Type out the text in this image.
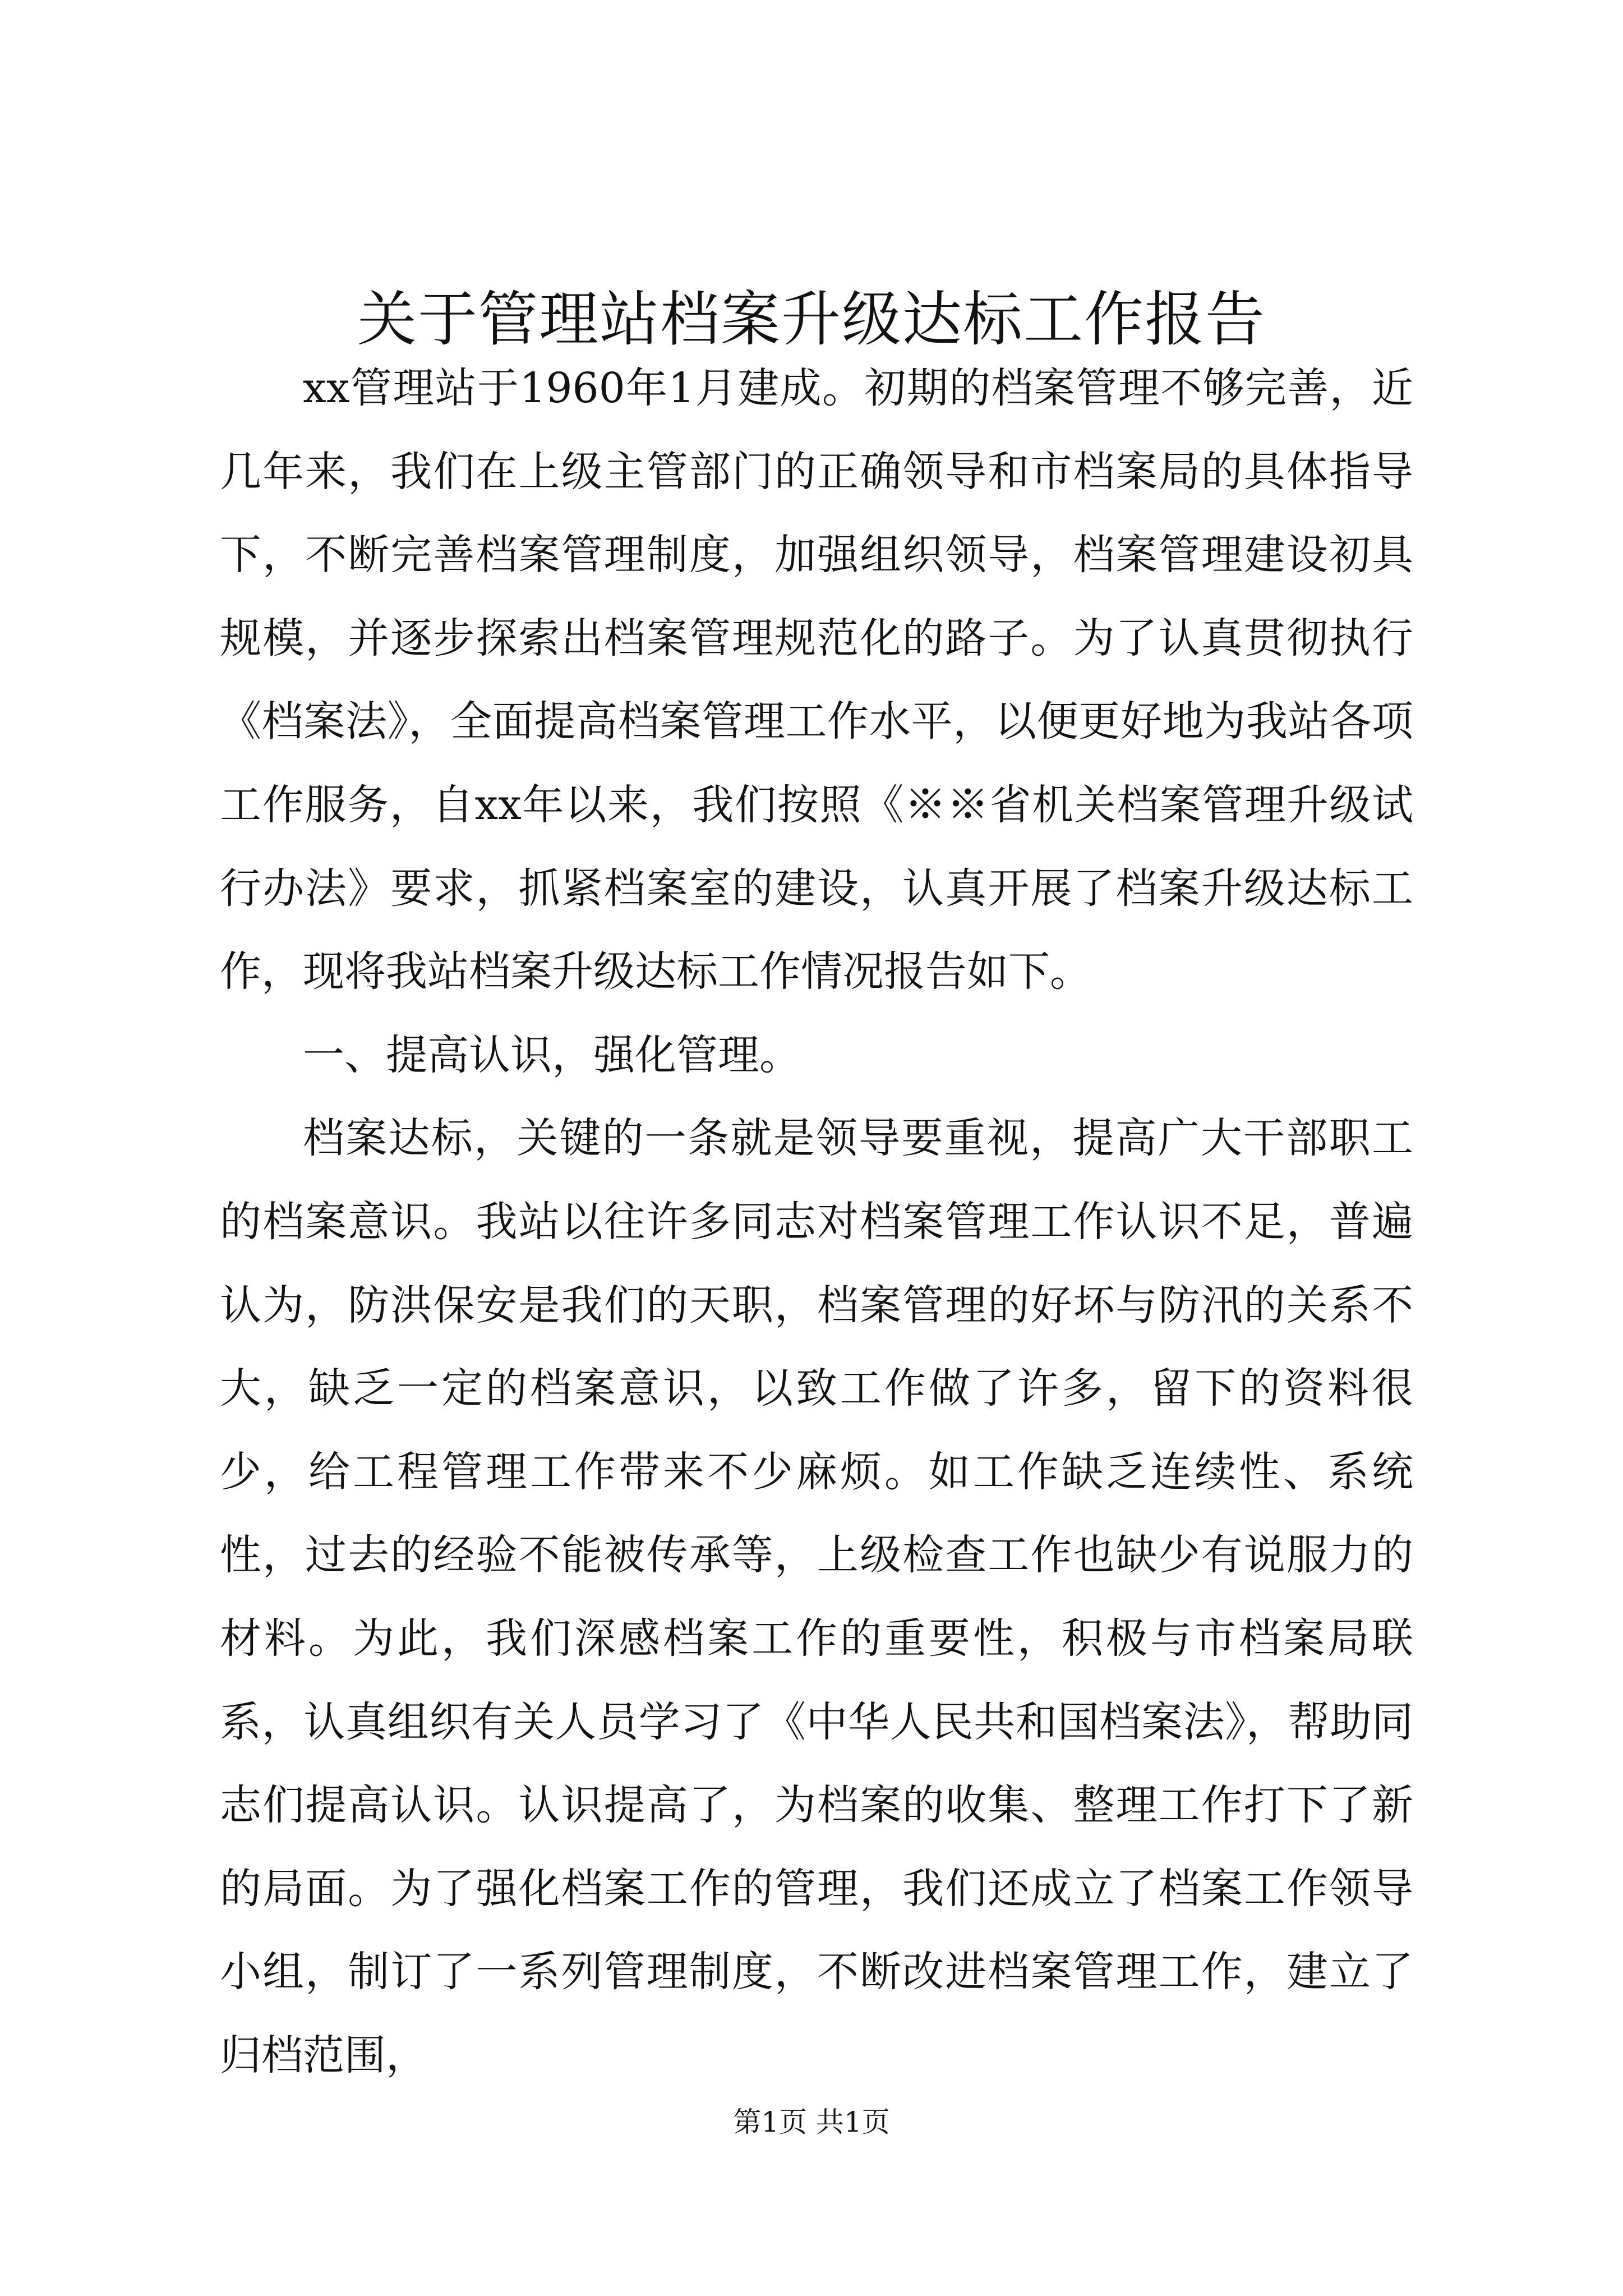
关于管理站档案升级达标工作报告

xx管理站于1960年1月建成。初期的档案管理不够完善，近几年来，我们在上级主管部门的正确领导和市档案局的具体指导下，不断完善档案管理制度，加强组织领导，档案管理建设初具规模，并逐步探索出档案管理规范化的路子。为了认真贯彻执行《档案法》，全面提高档案管理工作水平，以便更好地为我站各项工作服务，自xx年以来，我们按照《※※省机关档案管理升级试行办法》要求，抓紧档案室的建设，认真开展了档案升级达标工作，现将我站档案升级达标工作情况报告如下。

一、提高认识，强化管理。

档案达标，关键的一条就是领导要重视，提高广大干部职工的档案意识。我站以往许多同志对档案管理工作认识不足，普遍认为，防洪保安是我们的天职，档案管理的好坏与防汛的关系不大，缺乏一定的档案意识，以致工作做了许多，留下的资料很少，给工程管理工作带来不少麻烦。如工作缺乏连续性、系统性，过去的经验不能被传承等，上级检查工作也缺少有说服力的材料。为此，我们深感档案工作的重要性，积极与市档案局联系，认真组织有关人员学习了《中华人民共和国档案法》，帮助同志们提高认识。认识提高了，为档案的收集、整理工作打下了新的局面。为了强化档案工作的管理，我们还成立了档案工作领导小组，制订了一系列管理制度，不断改进档案管理工作，建立了归档范围，

第1页 共1页
